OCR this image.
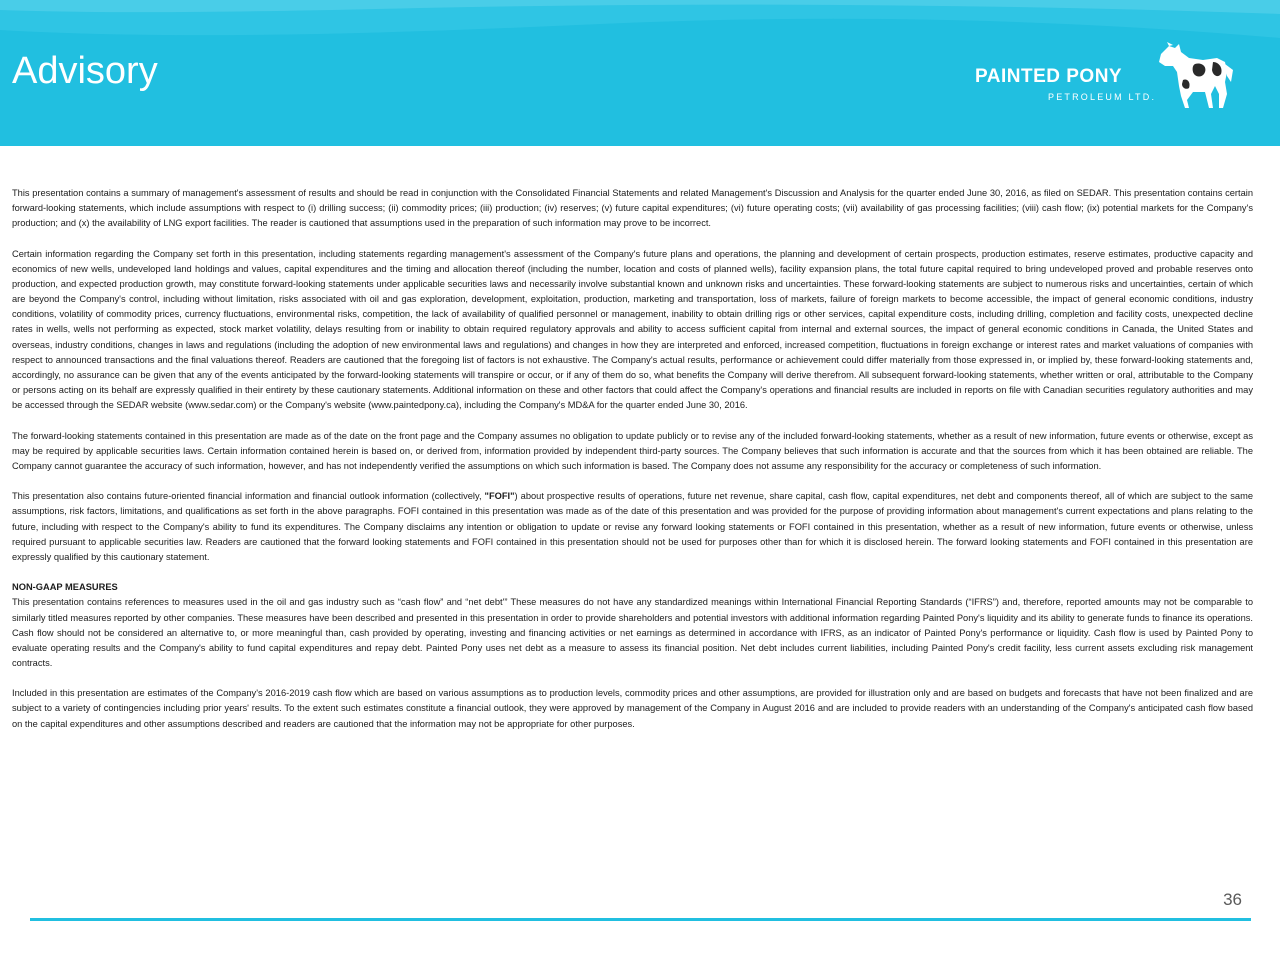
Advisory	PAINTED PONY
PETROLEUM LTD.

This presentation contains a summary of management's assessment of results and should be read in conjunction with the Consolidated Financial Statements and related Management's Discussion and Analysis for the quarter ended June 30, 2016, as filed on SEDAR. This presentation contains certain forward-looking statements, which include assumptions with respect to (i) drilling success; (ii) commodity prices; (iii) production; (iv) reserves; (v) future capital expenditures; (vi) future operating costs; (vii) availability of gas processing facilities; (viii) cash flow; (ix) potential markets for the Company's production; and (x) the availability of LNG export facilities. The reader is cautioned that assumptions used in the preparation of such information may prove to be incorrect.

Certain information regarding the Company set forth in this presentation, including statements regarding management's assessment of the Company's future plans and operations, the planning and development of certain prospects, production estimates, reserve estimates, productive capacity and economics of new wells, undeveloped land holdings and values, capital expenditures and the timing and allocation thereof (including the number, location and costs of planned wells), facility expansion plans, the total future capital required to bring undeveloped proved and probable reserves onto production, and expected production growth, may constitute forward-looking statements under applicable securities laws and necessarily involve substantial known and unknown risks and uncertainties. These forward-looking statements are subject to numerous risks and uncertainties, certain of which are beyond the Company's control, including without limitation, risks associated with oil and gas exploration, development, exploitation, production, marketing and transportation, loss of markets, failure of foreign markets to become accessible, the impact of general economic conditions, industry conditions, volatility of commodity prices, currency fluctuations, environmental risks, competition, the lack of availability of qualified personnel or management, inability to obtain drilling rigs or other services, capital expenditure costs, including drilling, completion and facility costs, unexpected decline rates in wells, wells not performing as expected, stock market volatility, delays resulting from or inability to obtain required regulatory approvals and ability to access sufficient capital from internal and external sources, the impact of general economic conditions in Canada, the United States and overseas, industry conditions, changes in laws and regulations (including the adoption of new environmental laws and regulations) and changes in how they are interpreted and enforced, increased competition, fluctuations in foreign exchange or interest rates and market valuations of companies with respect to announced transactions and the final valuations thereof. Readers are cautioned that the foregoing list of factors is not exhaustive. The Company's actual results, performance or achievement could differ materially from those expressed in, or implied by, these forward-looking statements and, accordingly, no assurance can be given that any of the events anticipated by the forward-looking statements will transpire or occur, or if any of them do so, what benefits the Company will derive therefrom. All subsequent forward-looking statements, whether written or oral, attributable to the Company or persons acting on its behalf are expressly qualified in their entirety by these cautionary statements. Additional information on these and other factors that could affect the Company's operations and financial results are included in reports on file with Canadian securities regulatory authorities and may be accessed through the SEDAR website (www.sedar.com) or the Company's website (www.paintedpony.ca), including the Company's MD&A for the quarter ended June 30, 2016.

The forward-looking statements contained in this presentation are made as of the date on the front page and the Company assumes no obligation to update publicly or to revise any of the included forward-looking statements, whether as a result of new information, future events or otherwise, except as may be required by applicable securities laws. Certain information contained herein is based on, or derived from, information provided by independent third-party sources. The Company believes that such information is accurate and that the sources from which it has been obtained are reliable. The Company cannot guarantee the accuracy of such information, however, and has not independently verified the assumptions on which such information is based. The Company does not assume any responsibility for the accuracy or completeness of such information.

This presentation also contains future-oriented financial information and financial outlook information (collectively, "FOFI") about prospective results of operations, future net revenue, share capital, cash flow, capital expenditures, net debt and components thereof, all of which are subject to the same assumptions, risk factors, limitations, and qualifications as set forth in the above paragraphs. FOFI contained in this presentation was made as of the date of this presentation and was provided for the purpose of providing information about management's current expectations and plans relating to the future, including with respect to the Company's ability to fund its expenditures. The Company disclaims any intention or obligation to update or revise any forward looking statements or FOFI contained in this presentation, whether as a result of new information, future events or otherwise, unless required pursuant to applicable securities law. Readers are cautioned that the forward looking statements and FOFI contained in this presentation should not be used for purposes other than for which it is disclosed herein. The forward looking statements and FOFI contained in this presentation are expressly qualified by this cautionary statement.

NON-GAAP MEASURES
This presentation contains references to measures used in the oil and gas industry such as “cash flow” and “net debt'” These measures do not have any standardized meanings within International Financial Reporting Standards (“IFRS”) and, therefore, reported amounts may not be comparable to similarly titled measures reported by other companies. These measures have been described and presented in this presentation in order to provide shareholders and potential investors with additional information regarding Painted Pony's liquidity and its ability to generate funds to finance its operations. Cash flow should not be considered an alternative to, or more meaningful than, cash provided by operating, investing and financing activities or net earnings as determined in accordance with IFRS, as an indicator of Painted Pony's performance or liquidity. Cash flow is used by Painted Pony to evaluate operating results and the Company's ability to fund capital expenditures and repay debt. Painted Pony uses net debt as a measure to assess its financial position. Net debt includes current liabilities, including Painted Pony's credit facility, less current assets excluding risk management contracts.

Included in this presentation are estimates of the Company's 2016-2019 cash flow which are based on various assumptions as to production levels, commodity prices and other assumptions, are provided for illustration only and are based on budgets and forecasts that have not been finalized and are subject to a variety of contingencies including prior years' results. To the extent such estimates constitute a financial outlook, they were approved by management of the Company in August 2016 and are included to provide readers with an understanding of the Company's anticipated cash flow based on the capital expenditures and other assumptions described and readers are cautioned that the information may not be appropriate for other purposes.

36
